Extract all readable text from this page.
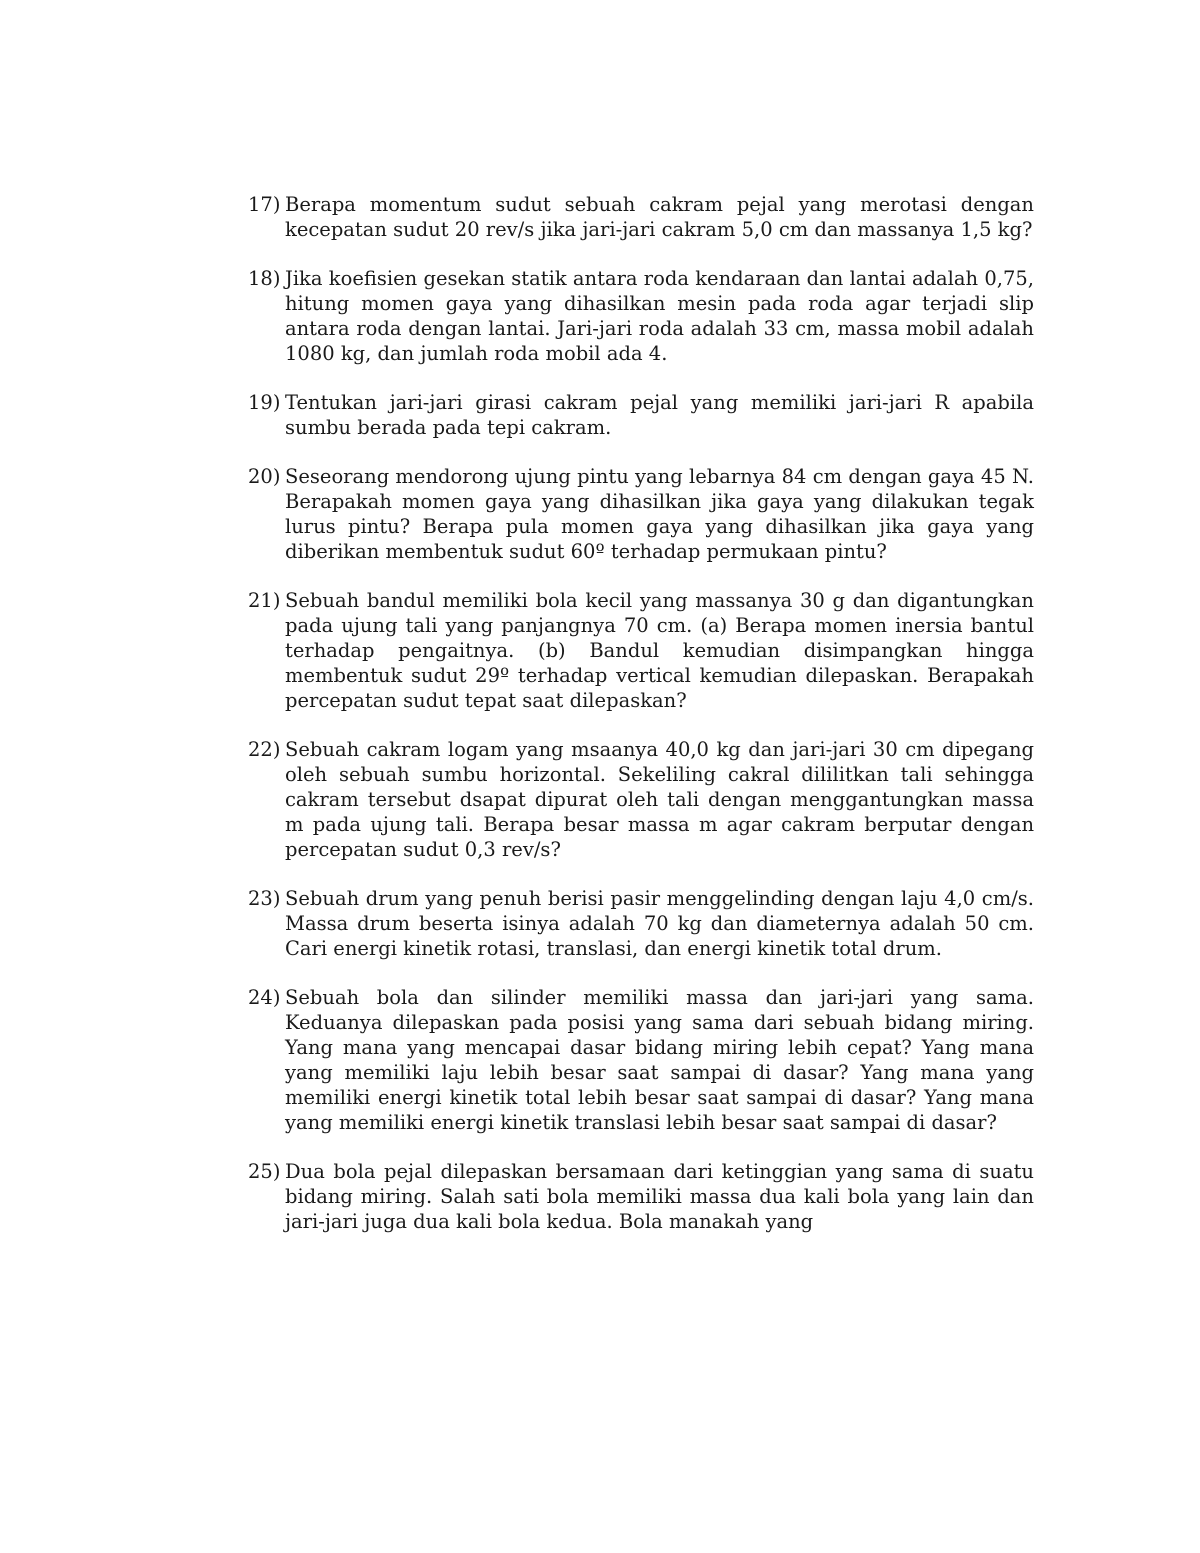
17) Berapa momentum sudut sebuah cakram pejal yang merotasi dengan kecepatan sudut 20 rev/s jika jari-jari cakram 5,0 cm dan massanya 1,5 kg?
18) Jika koefisien gesekan statik antara roda kendaraan dan lantai adalah 0,75, hitung momen gaya yang dihasilkan mesin pada roda agar terjadi slip antara roda dengan lantai. Jari-jari roda adalah 33 cm, massa mobil adalah 1080 kg, dan jumlah roda mobil ada 4.
19) Tentukan jari-jari girasi cakram pejal yang memiliki jari-jari R apabila sumbu berada pada tepi cakram.
20) Seseorang mendorong ujung pintu yang lebarnya 84 cm dengan gaya 45 N. Berapakah momen gaya yang dihasilkan jika gaya yang dilakukan tegak lurus pintu? Berapa pula momen gaya yang dihasilkan jika gaya yang diberikan membentuk sudut 60º terhadap permukaan pintu?
21) Sebuah bandul memiliki bola kecil yang massanya 30 g dan digantungkan pada ujung tali yang panjangnya 70 cm. (a) Berapa momen inersia bantul terhadap pengaitnya. (b) Bandul kemudian disimpangkan hingga membentuk sudut 29º terhadap vertical kemudian dilepaskan. Berapakah percepatan sudut tepat saat dilepaskan?
22) Sebuah cakram logam yang msaanya 40,0 kg dan jari-jari 30 cm dipegang oleh sebuah sumbu horizontal. Sekeliling cakral dililitkan tali sehingga cakram tersebut dsapat dipurat oleh tali dengan menggantungkan massa m pada ujung tali. Berapa besar massa m agar cakram berputar dengan percepatan sudut 0,3 rev/s?
23) Sebuah drum yang penuh berisi pasir menggelinding dengan laju 4,0 cm/s. Massa drum beserta isinya adalah 70 kg dan diameternya adalah 50 cm. Cari energi kinetik rotasi, translasi, dan energi kinetik total drum.
24) Sebuah bola dan silinder memiliki massa dan jari-jari yang sama. Keduanya dilepaskan pada posisi yang sama dari sebuah bidang miring. Yang mana yang mencapai dasar bidang miring lebih cepat? Yang mana yang memiliki laju lebih besar saat sampai di dasar? Yang mana yang memiliki energi kinetik total lebih besar saat sampai di dasar? Yang mana yang memiliki energi kinetik translasi lebih besar saat sampai di dasar?
25) Dua bola pejal dilepaskan bersamaan dari ketinggian yang sama di suatu bidang miring. Salah sati bola memiliki massa dua kali bola yang lain dan jari-jari juga dua kali bola kedua. Bola manakah yang
